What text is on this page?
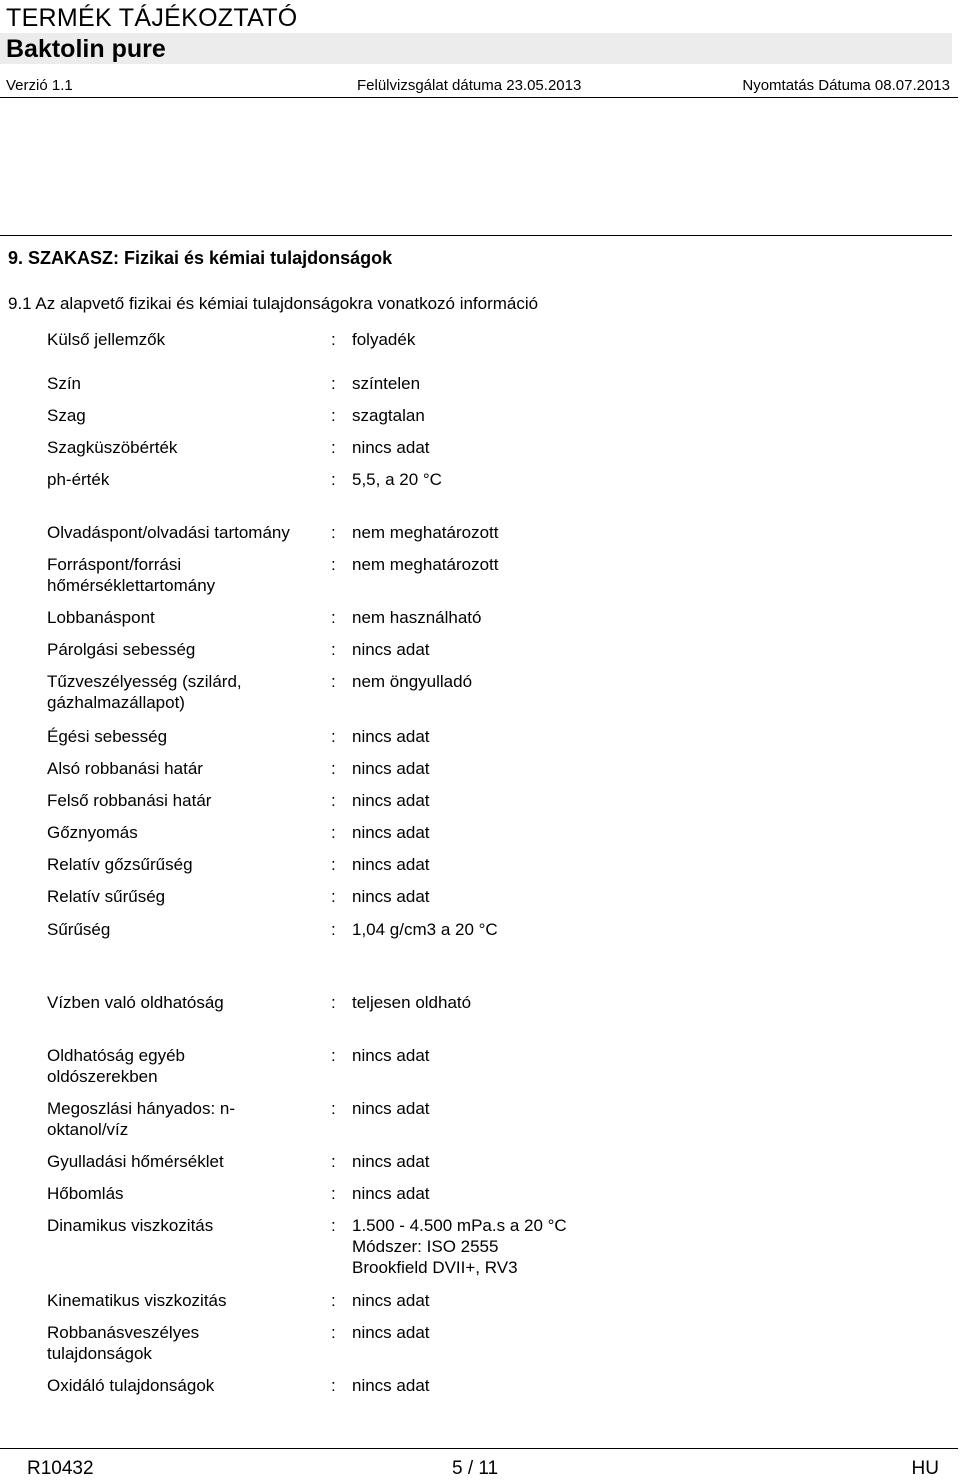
TERMÉK TÁJÉKOZTATÓ
Baktolin pure
Verzió 1.1	Felülvizsgálat dátuma 23.05.2013	Nyomtatás Dátuma 08.07.2013
9. SZAKASZ: Fizikai és kémiai tulajdonságok
9.1 Az alapvető fizikai és kémiai tulajdonságokra vonatkozó információ
Külső jellemzők	: folyadék
Szín	: színtelen
Szag	: szagtalan
Szagküszöbérték	: nincs adat
ph-érték	: 5,5, a 20 °C
Olvadáspont/olvadási tartomány	: nem meghatározott
Forráspont/forrási hőmérséklettartomány
: nem meghatározott
Lobbanáspont	: nem használható
Párolgási sebesség	: nincs adat
Tűzveszélyesség (szilárd, gázhalmazállapot)
: nem öngyulladó
Égési sebesség	: nincs adat
Alsó robbanási határ	: nincs adat
Felső robbanási határ	: nincs adat
Gőznyomás	: nincs adat
Relatív gőzsűrűség	: nincs adat
Relatív sűrűség	: nincs adat
Sűrűség	: 1,04 g/cm3 a 20 °C
Vízben való oldhatóság	: teljesen oldható
Oldhatóság egyéb oldószerekben
: nincs adat
Megoszlási hányados: n-oktanol/víz
: nincs adat
Gyulladási hőmérséklet	: nincs adat
Hőbomlás	: nincs adat
Dinamikus viszkozitás	: 1.500 - 4.500 mPa.s a 20 °C
Módszer: ISO 2555
Brookfield DVII+, RV3
Kinematikus viszkozitás	: nincs adat
Robbanásveszélyes tulajdonságok
: nincs adat
Oxidáló tulajdonságok	: nincs adat
R10432	5 / 11	HU
